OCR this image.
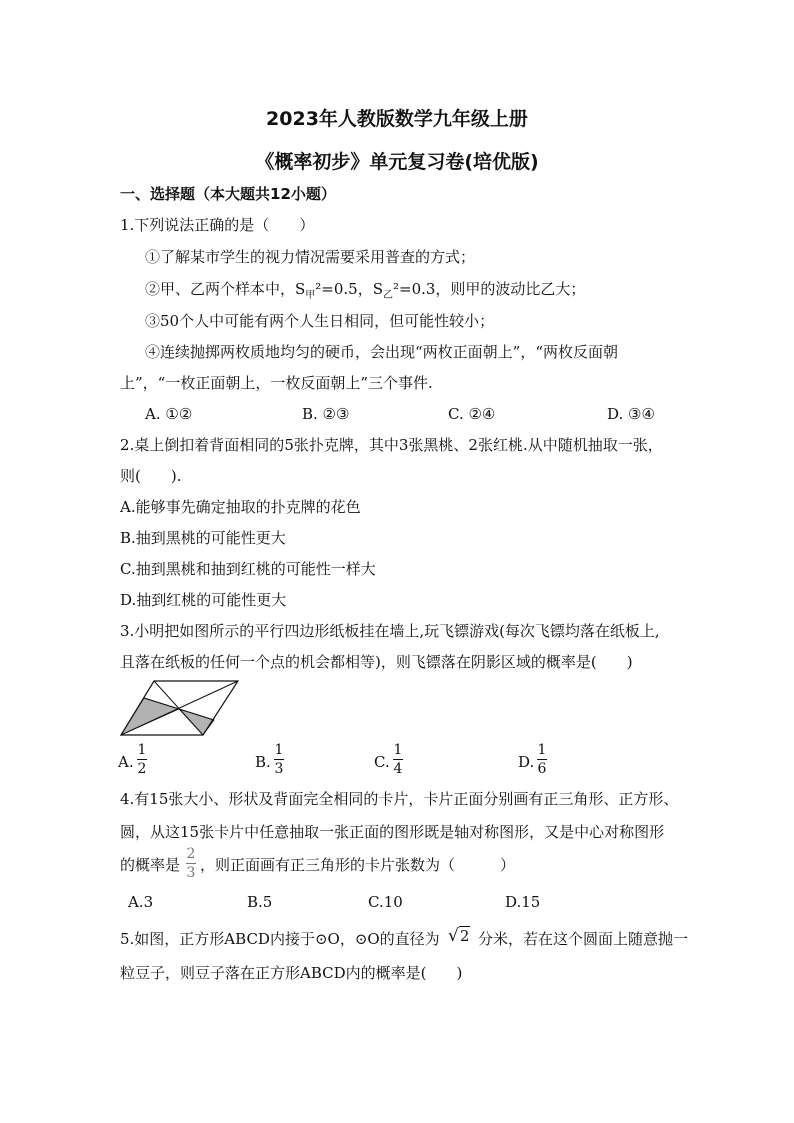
2023年人教版数学九年级上册
《概率初步》单元复习卷(培优版)
一、选择题（本大题共12小题）
1.下列说法正确的是（　　）
①了解某市学生的视力情况需要采用普查的方式；
②甲、乙两个样本中，$S_甲^2=0.5$，$S_乙^2=0.3$，则甲的波动比乙大；
③50个人中可能有两个人生日相同，但可能性较小；
④连续抛掷两枚质地均匀的硬币，会出现“两枚正面朝上”，“两枚反面朝
上”，“一枚正面朝上，一枚反面朝上”三个事件.
A. ①②	B. ②③	C. ②④	D. ③④
2.桌上倒扣着背面相同的5张扑克牌，其中3张黑桃、2张红桃.从中随机抽取一张，
则(　　).
A.能够事先确定抽取的扑克牌的花色
B.抽到黑桃的可能性更大
C.抽到黑桃和抽到红桃的可能性一样大
D.抽到红桃的可能性更大
3.小明把如图所示的平行四边形纸板挂在墙上,玩飞镖游戏(每次飞镖均落在纸板上,
且落在纸板的任何一个点的机会都相等)，则飞镖落在阴影区域的概率是(　　)
A.
1
2	B.
1
3	C.
1
4	D.
1
6
4.有15张大小、形状及背面完全相同的卡片，卡片正面分别画有正三角形、正方形、
圆，从这15张卡片中任意抽取一张正面的图形既是轴对称图形，又是中心对称图形
的概率是
2
3 ，则正面画有正三角形的卡片张数为（　　　）
A.3	B.5	C.10	D.15
5.如图，正方形ABCD内接于⊙O，⊙O的直径为 √2 分米，若在这个圆面上随意抛一
粒豆子，则豆子落在正方形ABCD内的概率是(　　)
